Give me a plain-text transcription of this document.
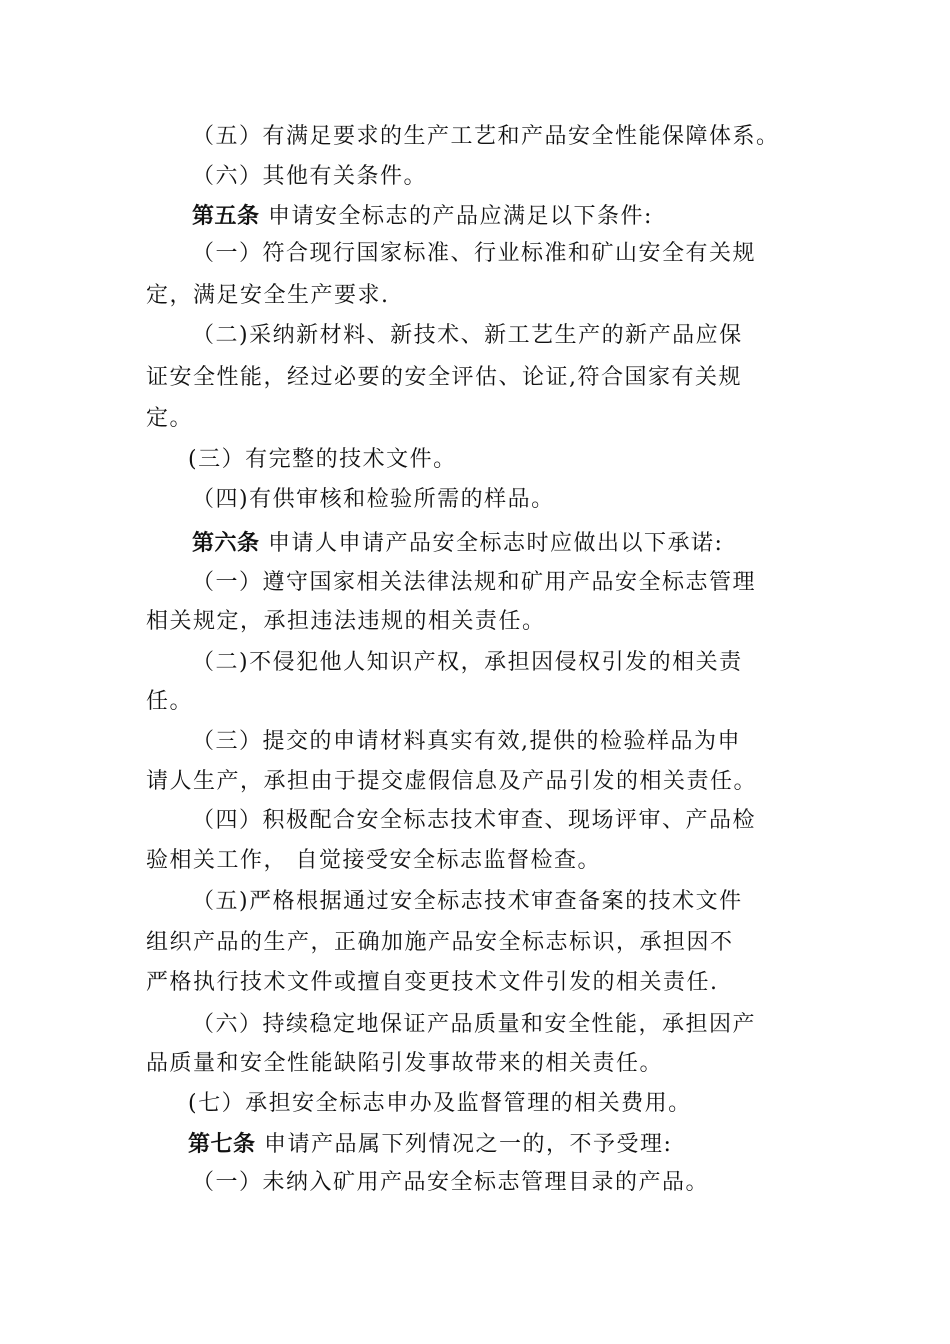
（五）有满足要求的生产工艺和产品安全性能保障体系。
（六）其他有关条件。
第五条 申请安全标志的产品应满足以下条件:
（一）符合现行国家标准、行业标准和矿山安全有关规
定，满足安全生产要求.
（二)采纳新材料、新技术、新工艺生产的新产品应保
证安全性能，经过必要的安全评估、论证,符合国家有关规
定。
(三）有完整的技术文件。
（四)有供审核和检验所需的样品。
第六条 申请人申请产品安全标志时应做出以下承诺:
（一）遵守国家相关法律法规和矿用产品安全标志管理
相关规定，承担违法违规的相关责任。
（二)不侵犯他人知识产权，承担因侵权引发的相关责
任。
（三）提交的申请材料真实有效,提供的检验样品为申
请人生产，承担由于提交虚假信息及产品引发的相关责任。
（四）积极配合安全标志技术审查、现场评审、产品检
验相关工作， 自觉接受安全标志监督检查。
（五)严格根据通过安全标志技术审查备案的技术文件
组织产品的生产，正确加施产品安全标志标识，承担因不
严格执行技术文件或擅自变更技术文件引发的相关责任.
（六）持续稳定地保证产品质量和安全性能，承担因产
品质量和安全性能缺陷引发事故带来的相关责任。
(七）承担安全标志申办及监督管理的相关费用。
第七条 申请产品属下列情况之一的，不予受理:
（一）未纳入矿用产品安全标志管理目录的产品。
